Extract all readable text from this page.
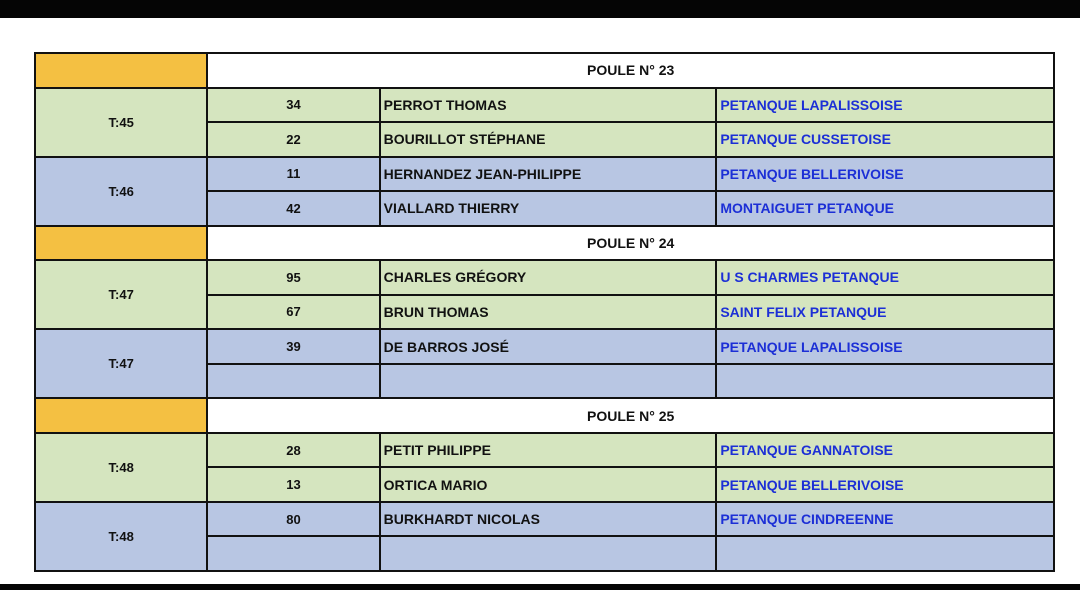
	POULE N° 23		
T:45	34	PERROT THOMAS	PETANQUE LAPALISSOISE
	22	BOURILLOT STÉPHANE	PETANQUE CUSSETOISE
T:46	11	HERNANDEZ JEAN-PHILIPPE	PETANQUE BELLERIVOISE
	42	VIALLARD THIERRY	MONTAIGUET PETANQUE
	POULE N° 24		
T:47	95	CHARLES GRÉGORY	U S CHARMES PETANQUE
	67	BRUN THOMAS	SAINT FELIX PETANQUE
T:47	39	DE BARROS JOSÉ	PETANQUE LAPALISSOISE

	POULE N° 25		
T:48	28	PETIT PHILIPPE	PETANQUE GANNATOISE
	13	ORTICA MARIO	PETANQUE BELLERIVOISE
T:48	80	BURKHARDT NICOLAS	PETANQUE CINDREENNE
